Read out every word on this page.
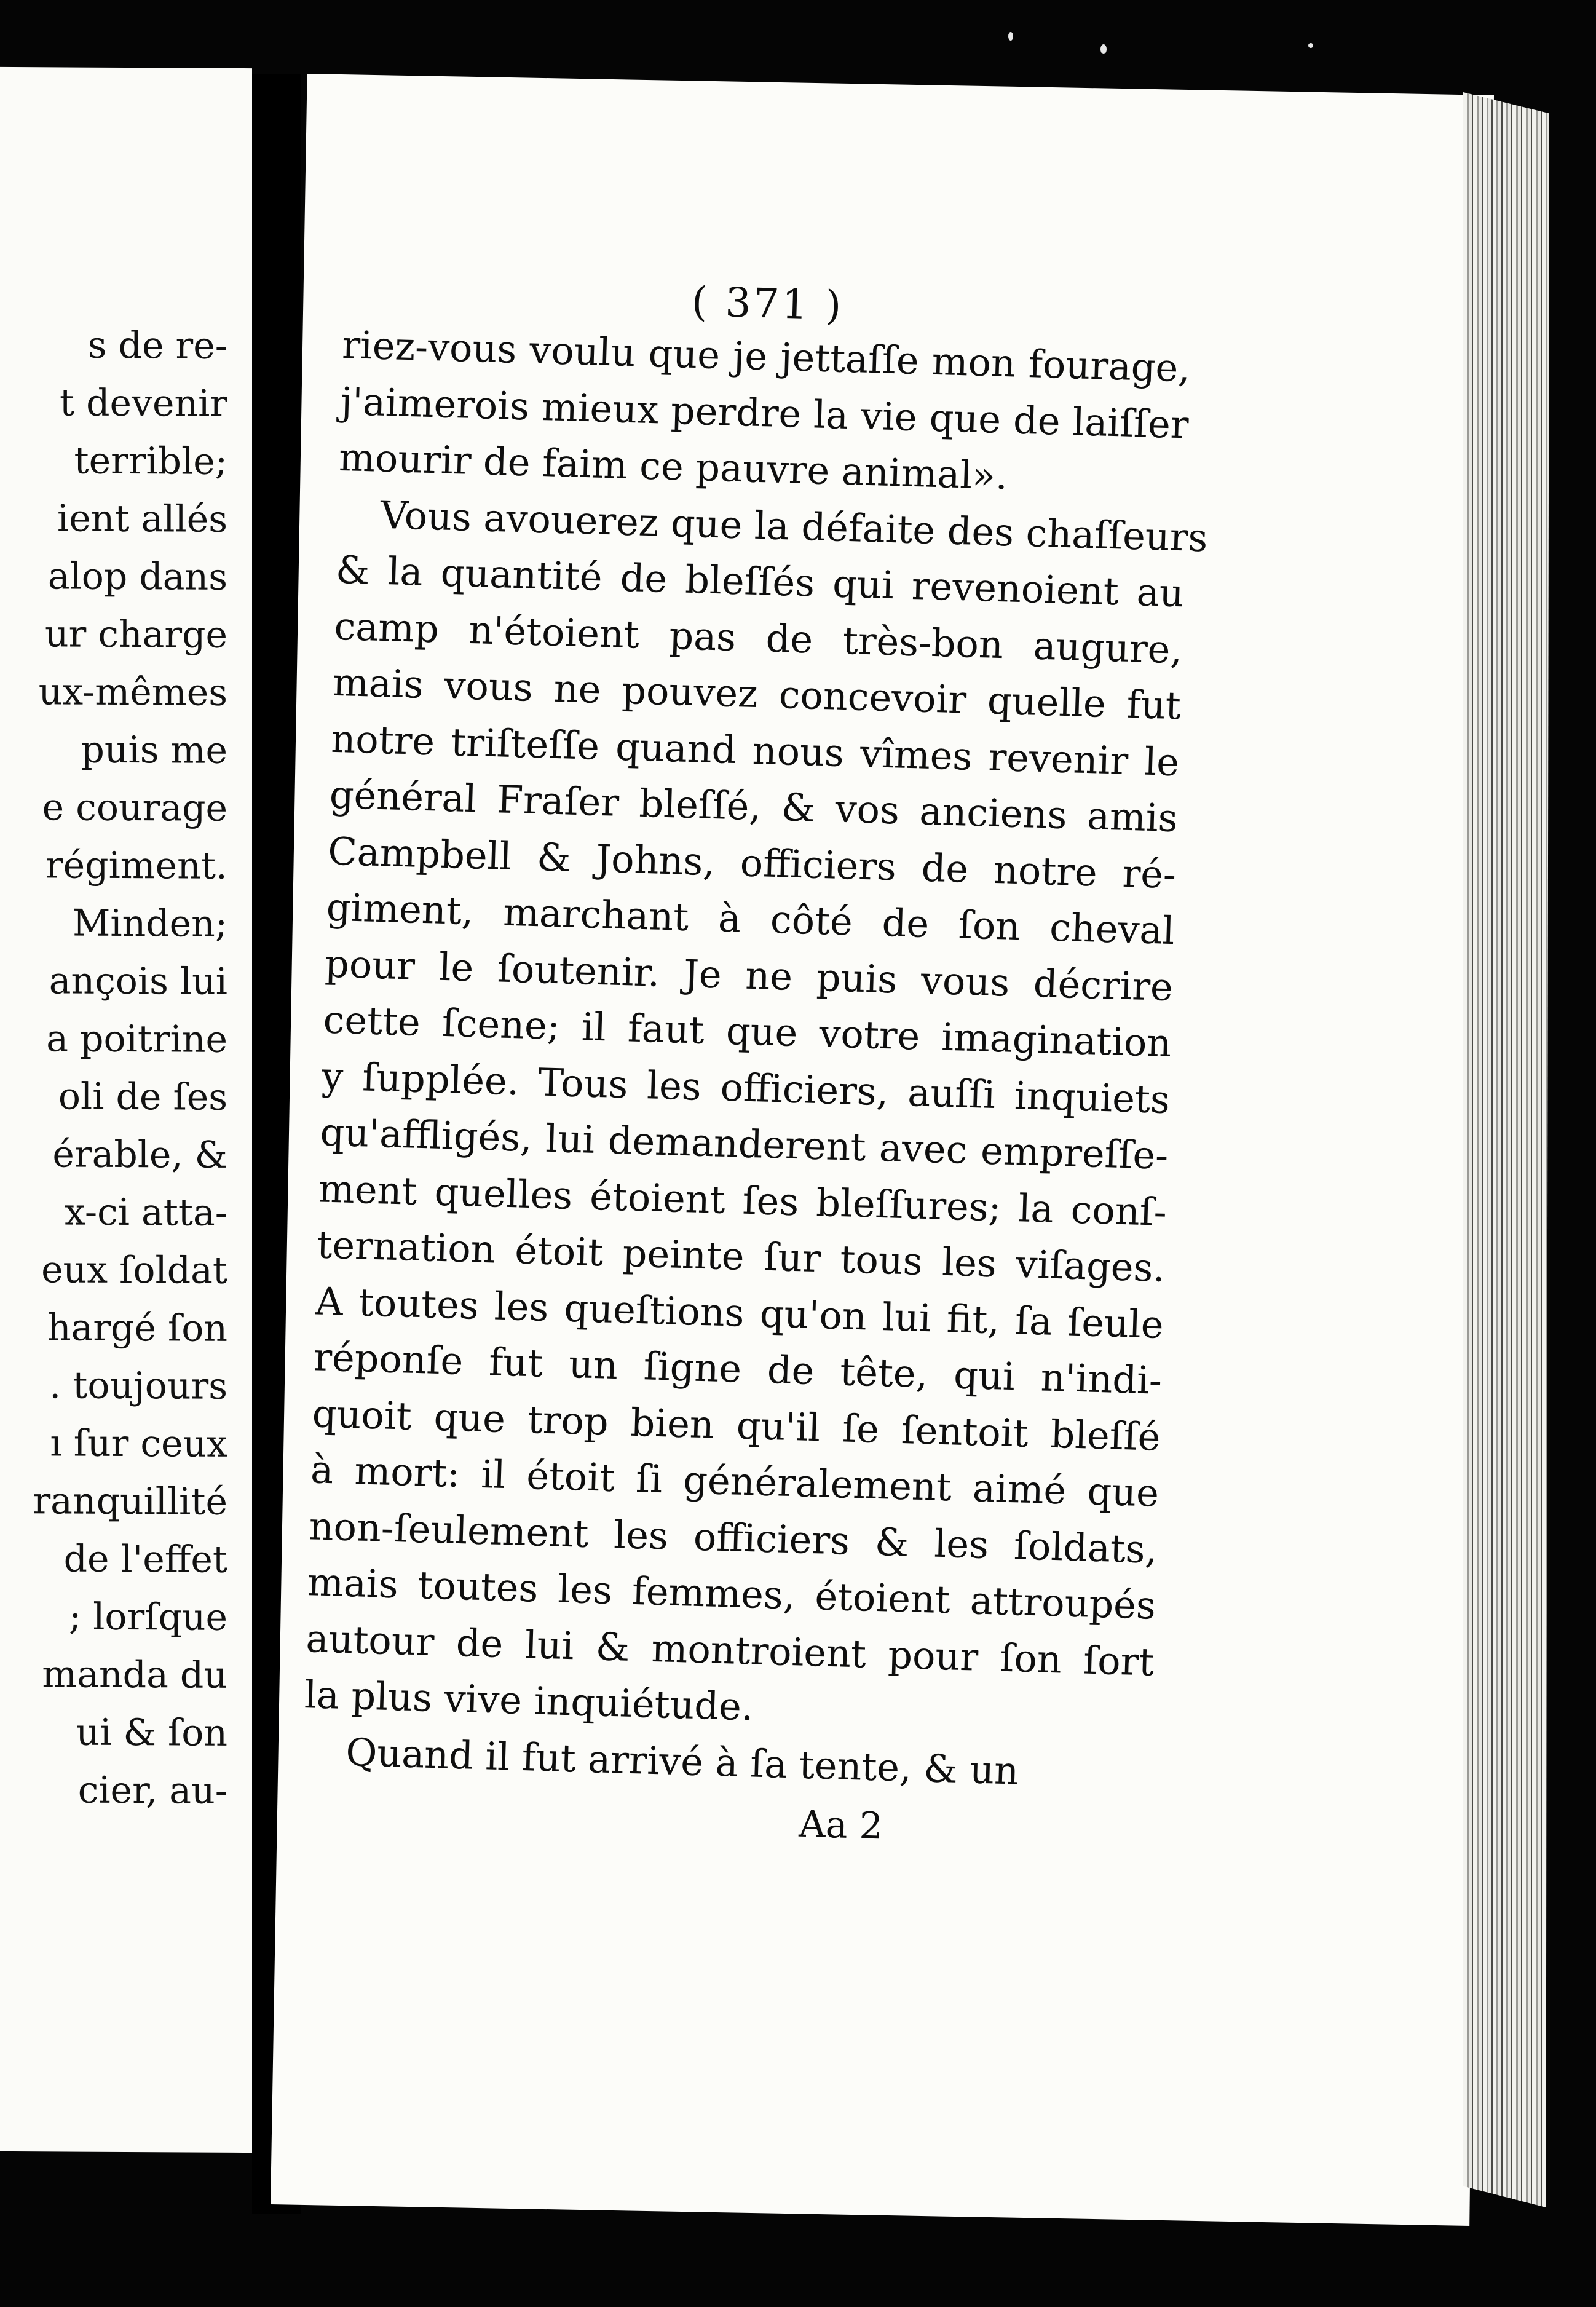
s de re-
t devenir
terrible;
ient allés
alop dans
ur charge
ux-mêmes
puis me
e courage
régiment.
Minden;
ançois lui
a poitrine
oli de ſes
érable, &
x-ci atta-
eux ſoldat
hargé ſon
. toujours
ı ſur ceux
ranquillité
de l'effet
; lorſque
manda du
ui & ſon
cier, au-
( 371 )
riez-vous voulu que je jettaſſe mon fourage,
j'aimerois mieux perdre la vie que de laiſſer
mourir de faim ce pauvre animal».
Vous avouerez que la défaite des chaſſeurs
& la quantité de bleſſés qui revenoient au
camp n'étoient pas de très-bon augure,
mais vous ne pouvez concevoir quelle fut
notre triſteſſe quand nous vîmes revenir le
général Fraſer bleſſé, & vos anciens amis
Campbell & Johns, officiers de notre ré-
giment, marchant à côté de ſon cheval
pour le ſoutenir. Je ne puis vous décrire
cette ſcene; il faut que votre imagination
y ſupplée. Tous les officiers, auſſi inquiets
qu'affligés, lui demanderent avec empreſſe-
ment quelles étoient ſes bleſſures; la conſ-
ternation étoit peinte ſur tous les viſages.
A toutes les queſtions qu'on lui fit, ſa ſeule
réponſe fut un ſigne de tête, qui n'indi-
quoit que trop bien qu'il ſe ſentoit bleſſé
à mort: il étoit ſi généralement aimé que
non-ſeulement les officiers & les ſoldats,
mais toutes les femmes, étoient attroupés
autour de lui & montroient pour ſon ſort
la plus vive inquiétude.
Quand il fut arrivé à ſa tente, & un
Aa 2
